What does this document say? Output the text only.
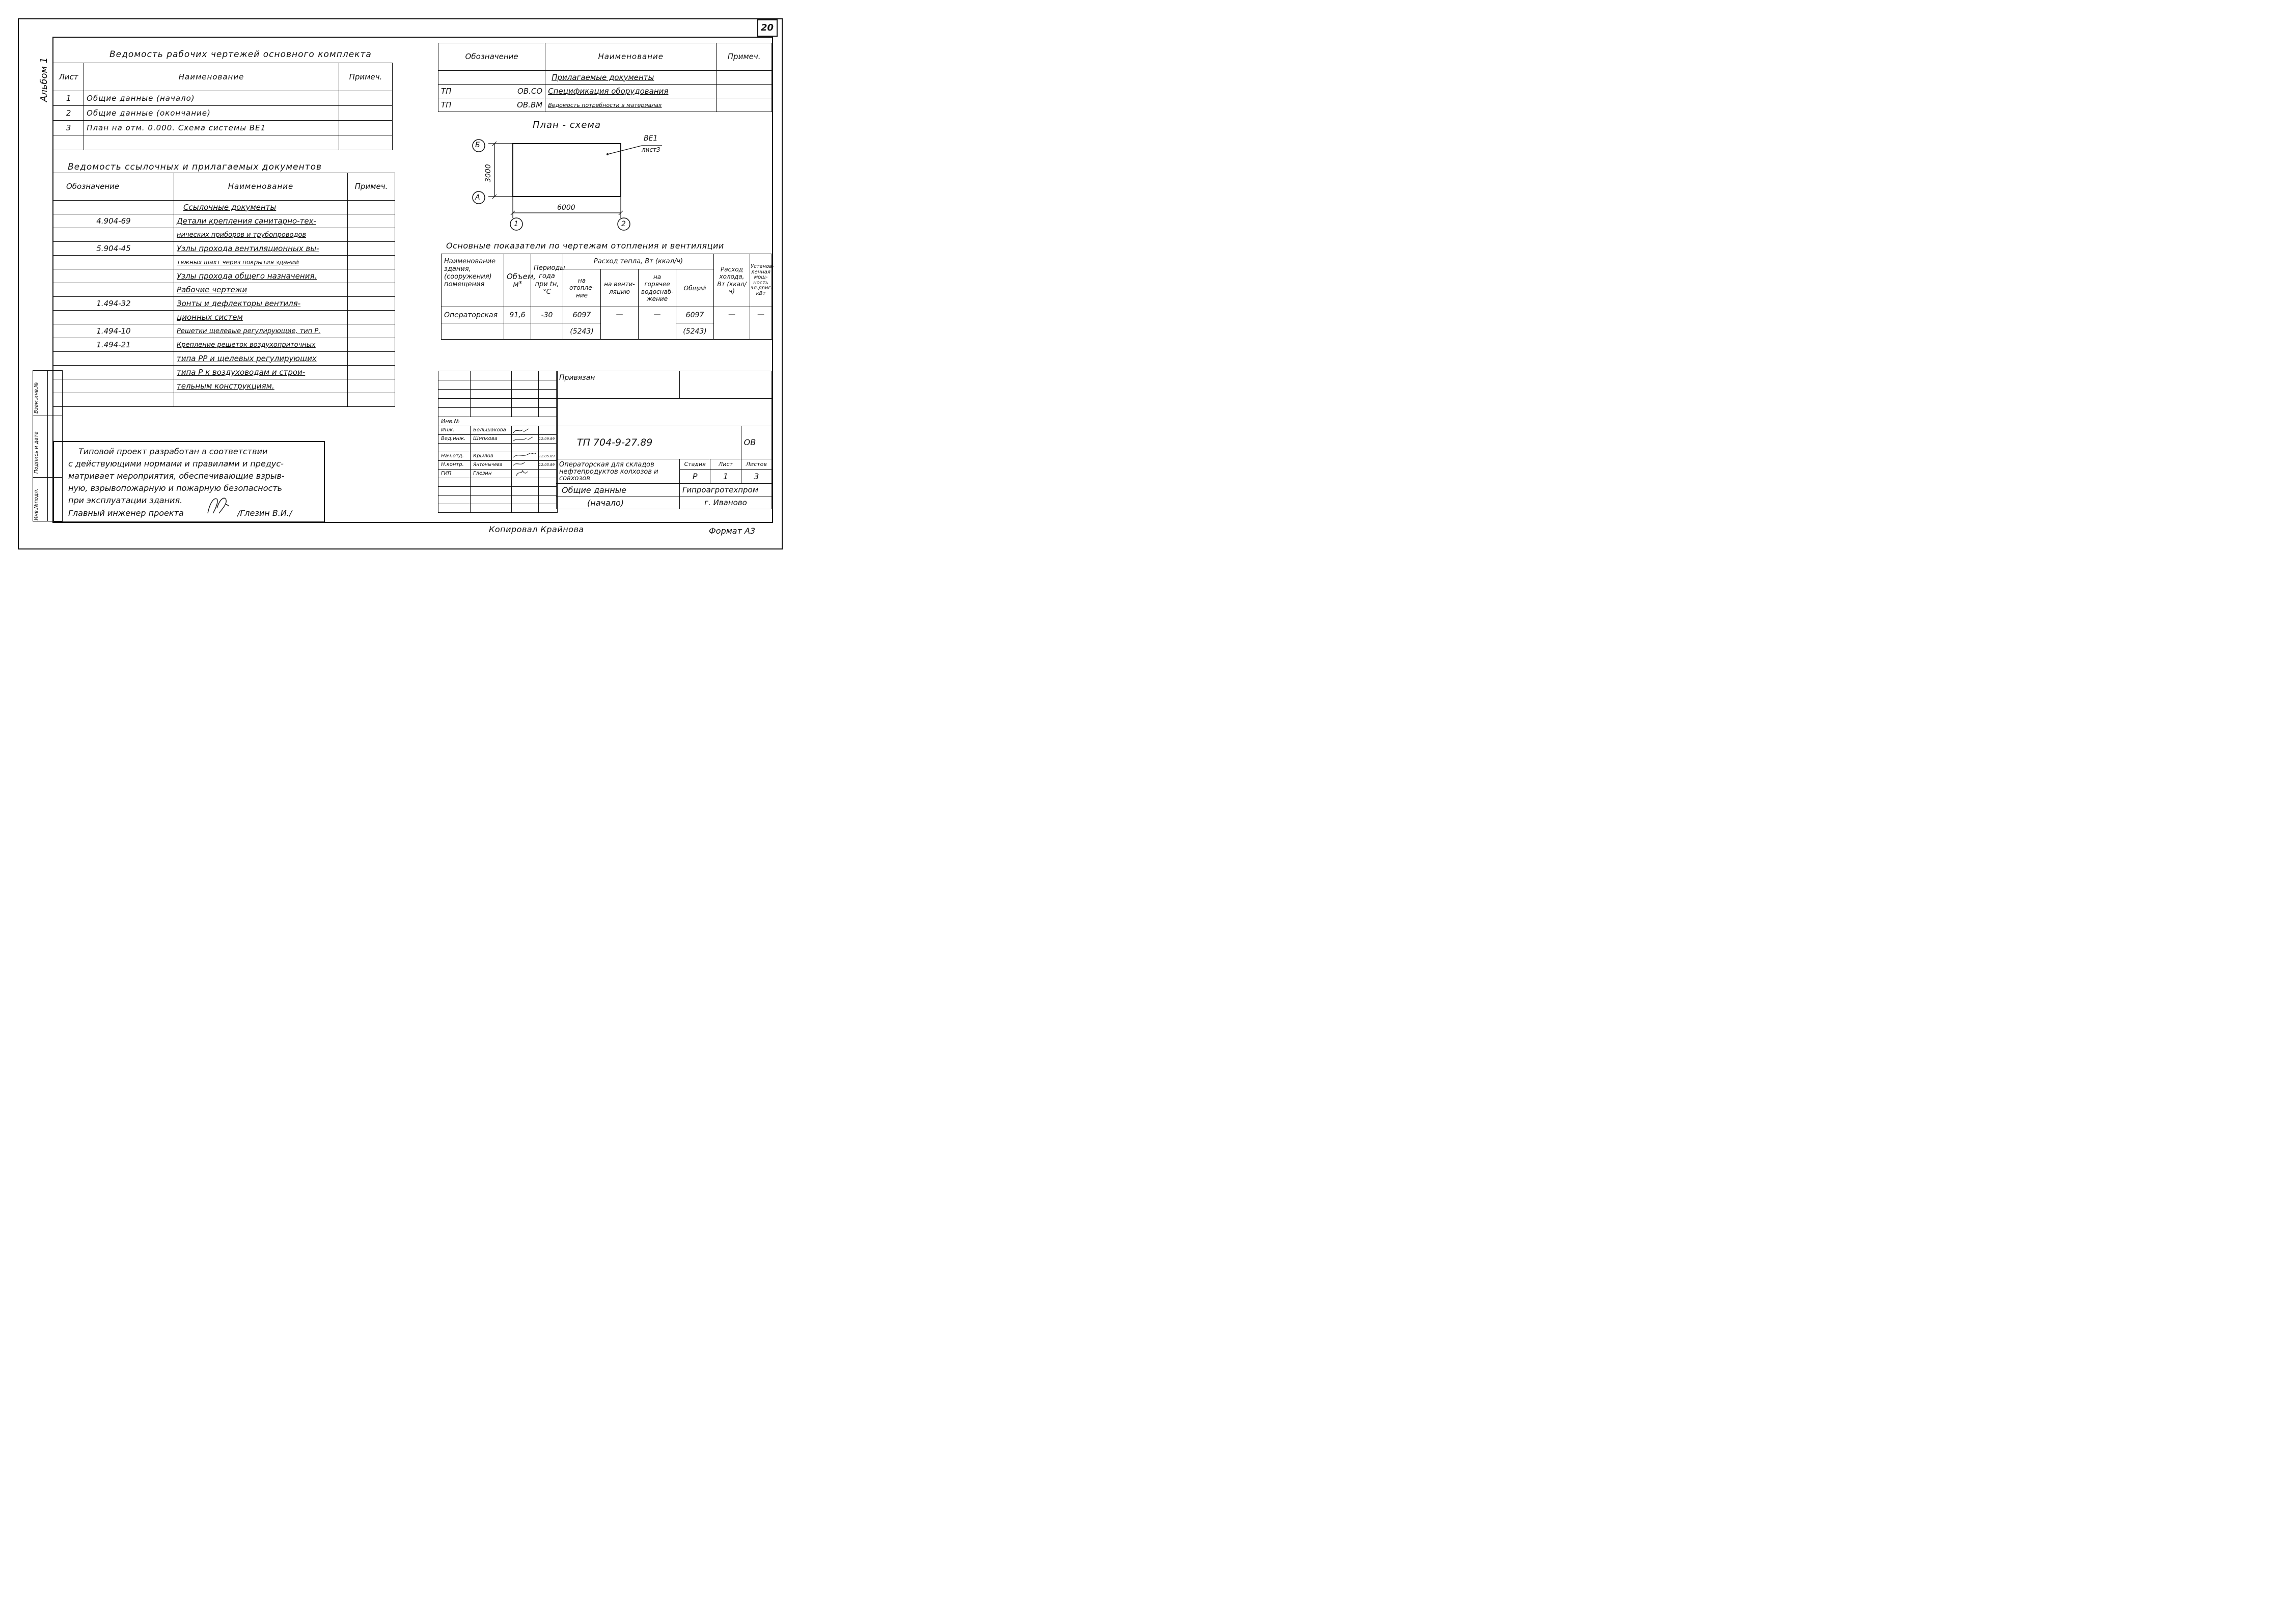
20
Альбом 1

Инв.№подл.
Подпись и дата
Взам.инв.№
Ведомость рабочих чертежей основного комплекта
Лист	Наименование	Примеч.
1	Общие данные (начало)	
2	Общие данные (окончание)	
3	План на отм. 0.000. Схема системы ВЕ1	

Ведомость ссылочных и прилагаемых документов
Обозначение	Наименование	Примеч.
	Ссылочные документы	
4.904-69	Детали крепления санитарно-тех-	
	нических приборов и трубопроводов	
5.904-45	Узлы прохода вентиляционных вы-	
	тяжных шахт через покрытия зданий	
	Узлы прохода общего назначения.	
	Рабочие чертежи	
1.494-32	Зонты и дефлекторы вентиля-	
	ционных систем	
1.494-10	Решетки щелевые регулирующие, тип Р.	
1.494-21	Крепление решеток воздухоприточных	
	типа РР и щелевых регулирующих	
	типа Р к воздуховодам и строи-	
	тельным конструкциям.	

Обозначение		Наименование	Примеч.
		Прилагаемые документы	
ТП	ОВ.СО	Спецификация оборудования	
ТП	ОВ.ВМ	Ведомость потребности в материалах	
План - схема
Б
А
1	2
3000
6000
ВЕ1
лист3
Основные показатели по чертежам отопления и вентиляции
Наименование здания, (сооружения) помещения	Объем, м³	Периоды года при tн,°С	Расход тепла, Вт (ккал/ч)				Расход холода, Вт (ккал/ч)	Установ-ленная мощ-ность эл.двиг. кВт
			на отопле-ние	на венти-ляцию	на горячее водоснаб-жение	Общий		
Операторская	91,6	-30	6097	—	—	6097	—	—
			(5243)			(5243)		
Типовой проект разработан в соответствии
с действующими нормами и правилами и предус-
матривает мероприятия, обеспечивающие взрыв-
ную, взрывопожарную и пожарную безопасность
при эксплуатации здания.
Главный инженер проекта	/Глезин В.И./

Инв.№			
Инж.	Большакова		
Вед.инж.	Шипкова		12.09.89

Нач.отд.	Крылов		12.05.89
Н.контр.	Янтонычева		12.05.89
ГИП	Глезин		

Привязан			

ТП 704-9-27.89			ОВ
Операторская для складов нефтепродуктов колхозов и совхозов	Стадия	Лист	Листов
	Р	1	3
Общие данные	Гипроагротехпром		
(начало)	г. Иваново		
Копировал Крайнова	Формат А3
